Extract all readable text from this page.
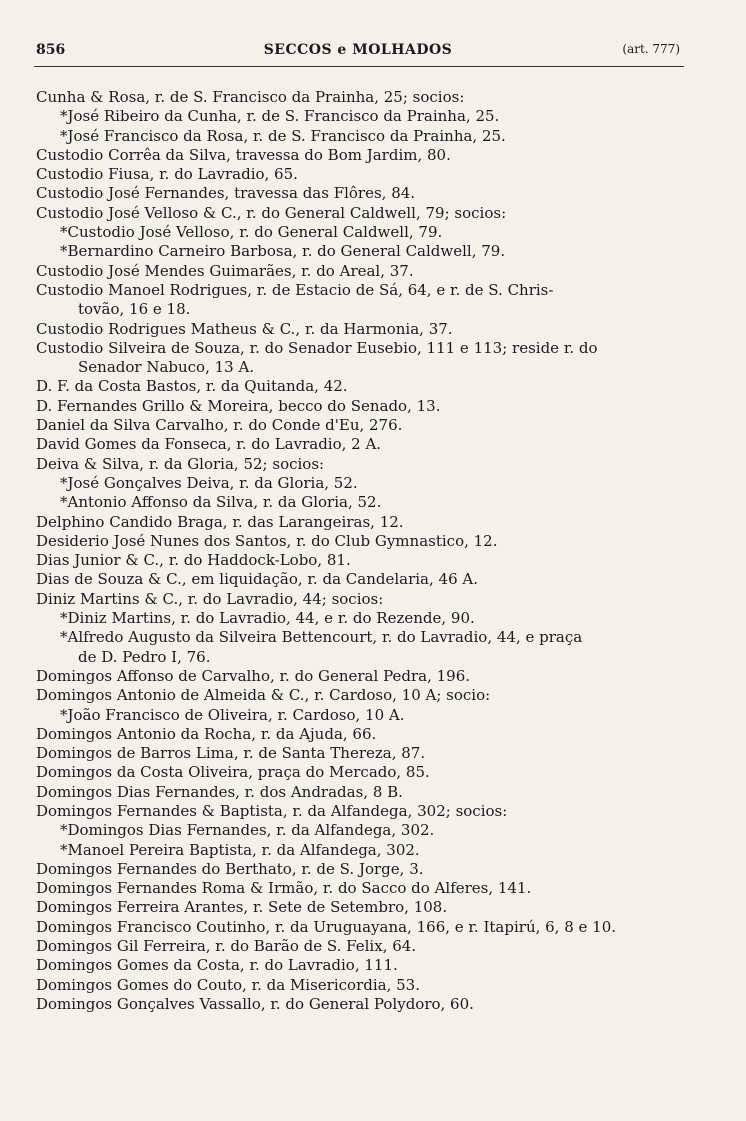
856	SECCOS e MOLHADOS	(art. 777)
Cunha & Rosa, r. de S. Francisco da Prainha, 25; socios:
*José Ribeiro da Cunha, r. de S. Francisco da Prainha, 25.
*José Francisco da Rosa, r. de S. Francisco da Prainha, 25.
Custodio Corrêa da Silva, travessa do Bom Jardim, 80.
Custodio Fiusa, r. do Lavradio, 65.
Custodio José Fernandes, travessa das Flôres, 84.
Custodio José Velloso & C., r. do General Caldwell, 79; socios:
*Custodio José Velloso, r. do General Caldwell, 79.
*Bernardino Carneiro Barbosa, r. do General Caldwell, 79.
Custodio José Mendes Guimarães, r. do Areal, 37.
Custodio Manoel Rodrigues, r. de Estacio de Sá, 64, e r. de S. Chris-
tovão, 16 e 18.
Custodio Rodrigues Matheus & C., r. da Harmonia, 37.
Custodio Silveira de Souza, r. do Senador Eusebio, 111 e 113; reside r. do
Senador Nabuco, 13 A.
D. F. da Costa Bastos, r. da Quitanda, 42.
D. Fernandes Grillo & Moreira, becco do Senado, 13.
Daniel da Silva Carvalho, r. do Conde d'Eu, 276.
David Gomes da Fonseca, r. do Lavradio, 2 A.
Deiva & Silva, r. da Gloria, 52; socios:
*José Gonçalves Deiva, r. da Gloria, 52.
*Antonio Affonso da Silva, r. da Gloria, 52.
Delphino Candido Braga, r. das Larangeiras, 12.
Desiderio José Nunes dos Santos, r. do Club Gymnastico, 12.
Dias Junior & C., r. do Haddock-Lobo, 81.
Dias de Souza & C., em liquidação, r. da Candelaria, 46 A.
Diniz Martins & C., r. do Lavradio, 44; socios:
*Diniz Martins, r. do Lavradio, 44, e r. do Rezende, 90.
*Alfredo Augusto da Silveira Bettencourt, r. do Lavradio, 44, e praça
de D. Pedro I, 76.
Domingos Affonso de Carvalho, r. do General Pedra, 196.
Domingos Antonio de Almeida & C., r. Cardoso, 10 A; socio:
*João Francisco de Oliveira, r. Cardoso, 10 A.
Domingos Antonio da Rocha, r. da Ajuda, 66.
Domingos de Barros Lima, r. de Santa Thereza, 87.
Domingos da Costa Oliveira, praça do Mercado, 85.
Domingos Dias Fernandes, r. dos Andradas, 8 B.
Domingos Fernandes & Baptista, r. da Alfandega, 302; socios:
*Domingos Dias Fernandes, r. da Alfandega, 302.
*Manoel Pereira Baptista, r. da Alfandega, 302.
Domingos Fernandes do Berthato, r. de S. Jorge, 3.
Domingos Fernandes Roma & Irmão, r. do Sacco do Alferes, 141.
Domingos Ferreira Arantes, r. Sete de Setembro, 108.
Domingos Francisco Coutinho, r. da Uruguayana, 166, e r. Itapirú, 6, 8 e 10.
Domingos Gil Ferreira, r. do Barão de S. Felix, 64.
Domingos Gomes da Costa, r. do Lavradio, 111.
Domingos Gomes do Couto, r. da Misericordia, 53.
Domingos Gonçalves Vassallo, r. do General Polydoro, 60.
